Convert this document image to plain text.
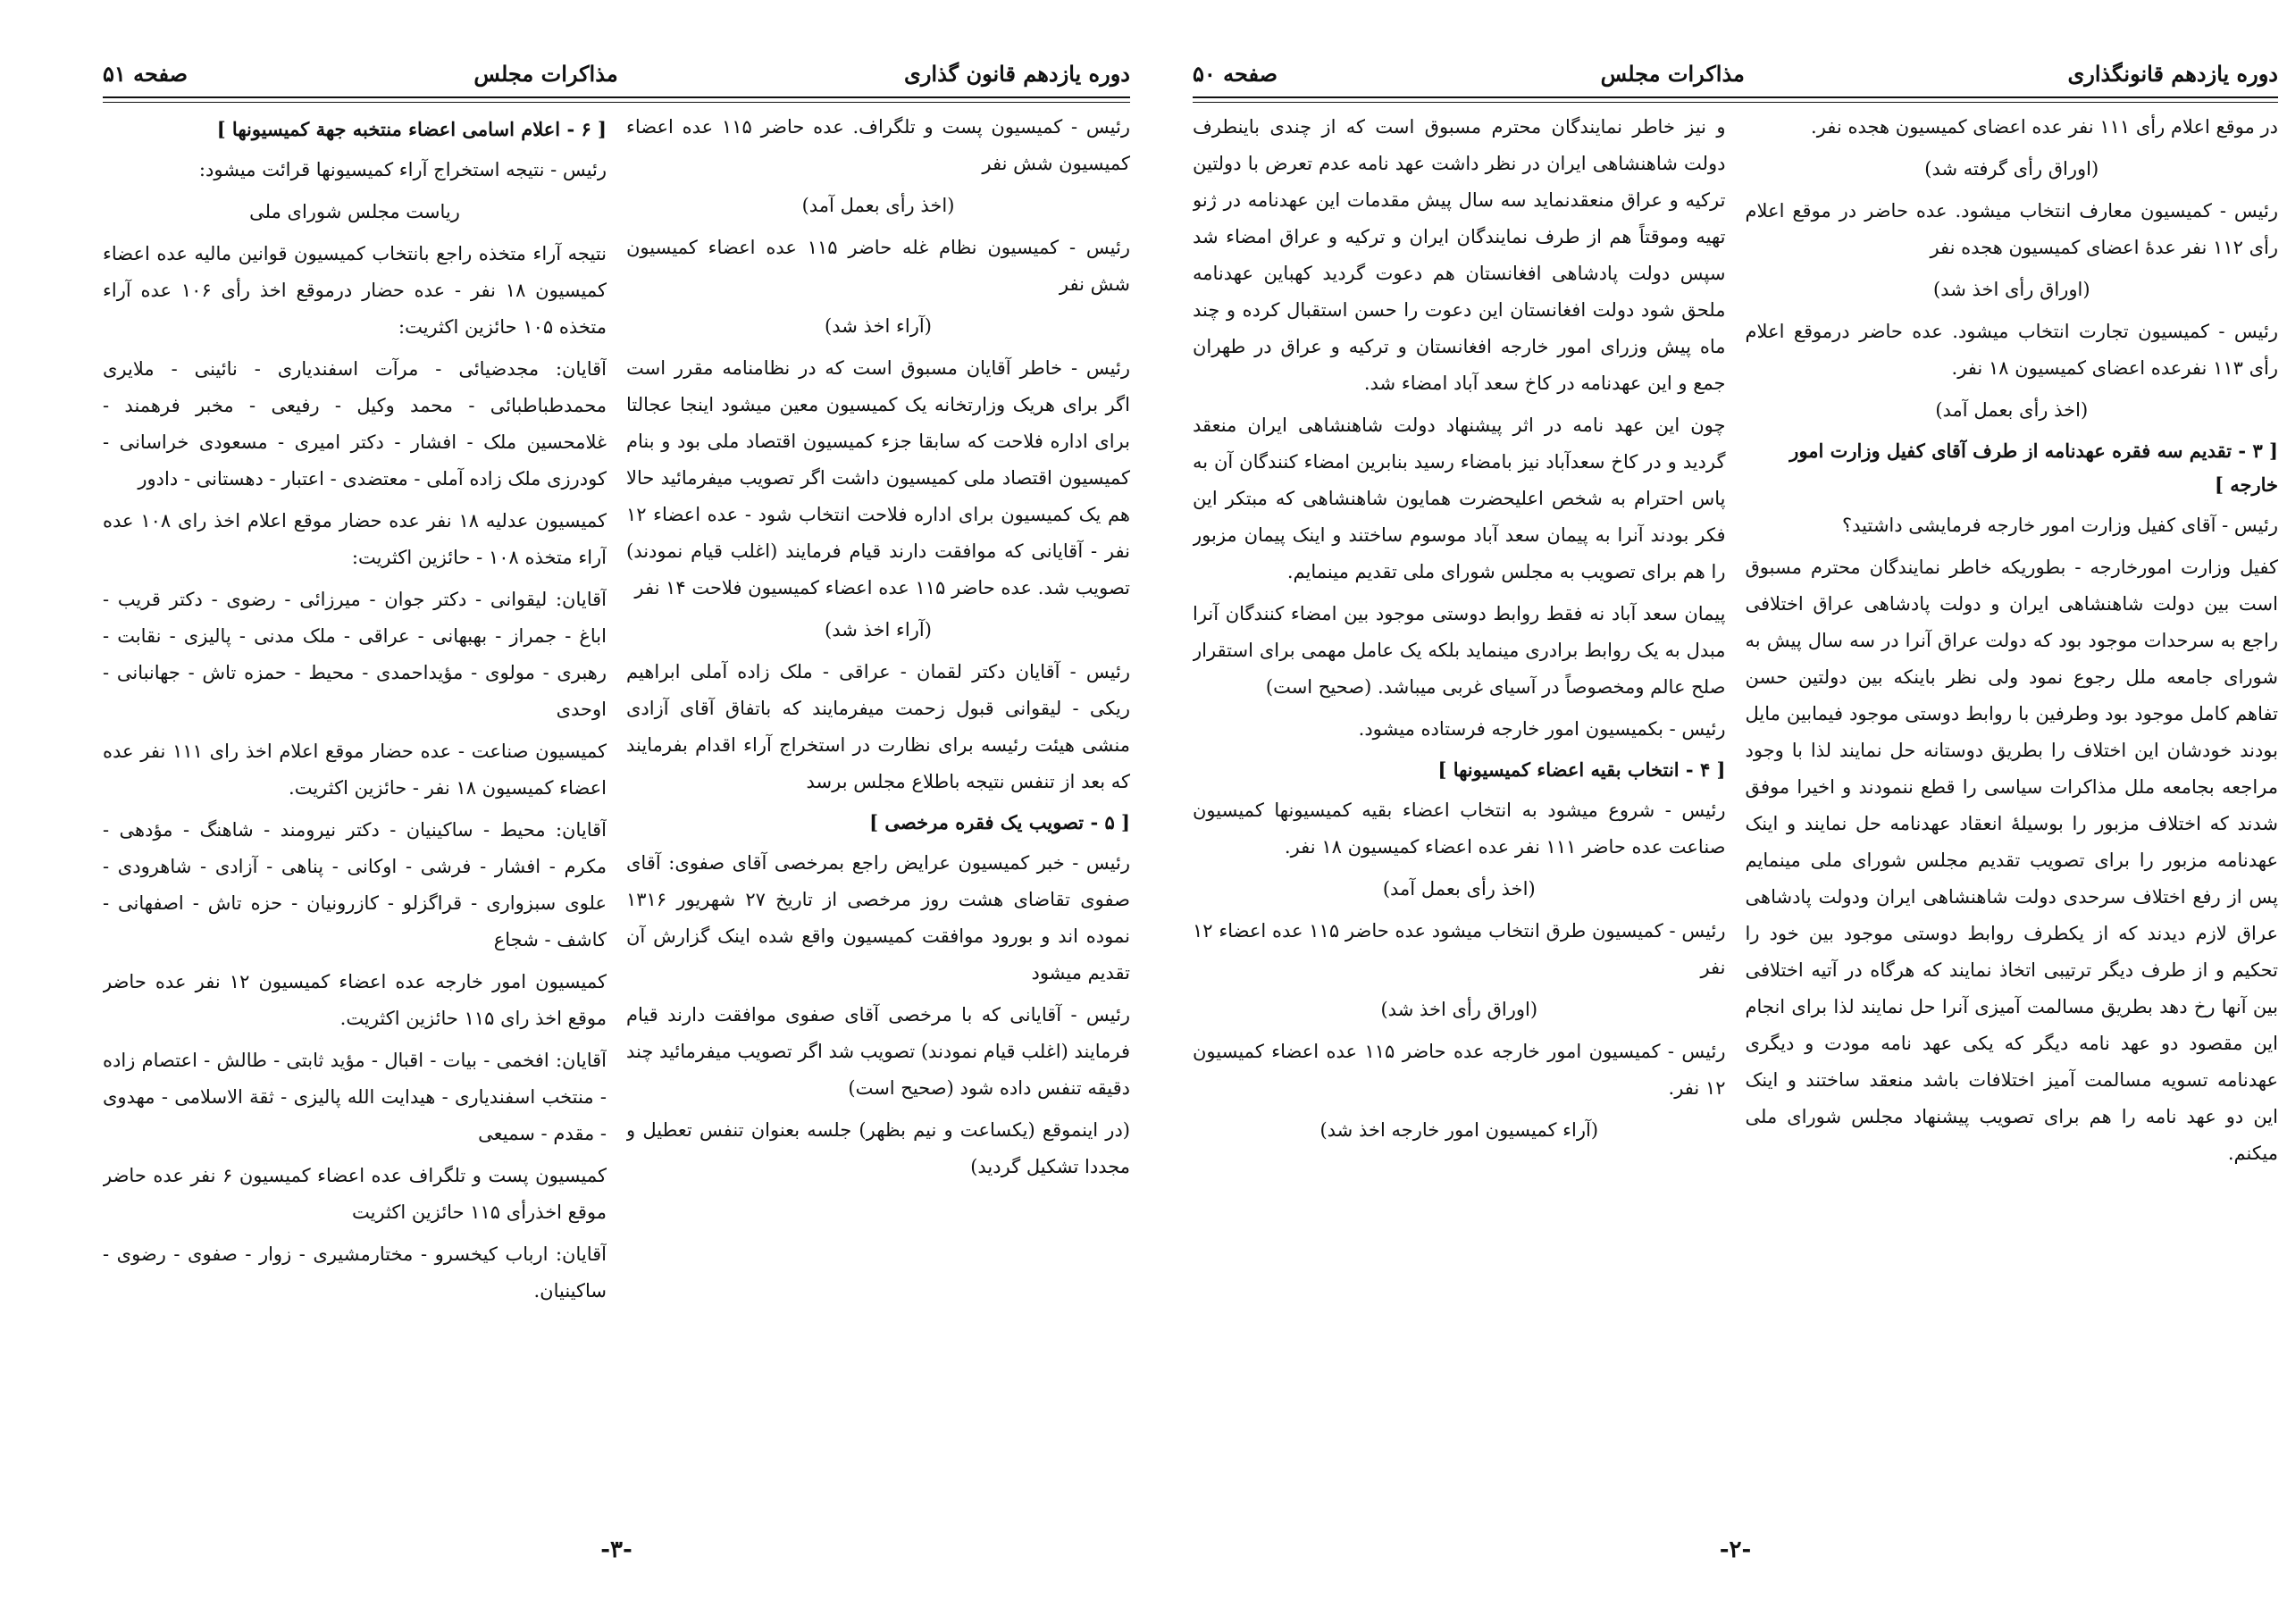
دوره یازدهم قانون گذاری
مذاکرات مجلس
صفحه ۵۱

رئیس - کمیسیون پست و تلگراف. عده حاضر ۱۱۵ عده اعضاء کمیسیون شش نفر

(اخذ رأی بعمل آمد)

رئیس - کمیسیون نظام غله حاضر ۱۱۵ عده اعضاء کمیسیون شش نفر

(آراء اخذ شد)

رئیس - خاطر آقایان مسبوق است که در نظامنامه مقرر است اگر برای هریک وزارتخانه یک کمیسیون معین میشود اینجا عجالتا برای اداره فلاحت که سابقا جزء کمیسیون اقتصاد ملی بود و بنام کمیسیون اقتصاد ملی کمیسیون داشت اگر تصویب میفرمائید حالا هم یک کمیسیون برای اداره فلاحت انتخاب شود - عده اعضاء ۱۲ نفر - آقایانی که موافقت دارند قیام فرمایند (اغلب قیام نمودند) تصویب شد. عده حاضر ۱۱۵ عده اعضاء کمیسیون فلاحت ۱۴ نفر

(آراء اخذ شد)

رئیس - آقایان دکتر لقمان - عراقی - ملک زاده آملی ابراهیم ریکی - لیقوانی قبول زحمت میفرمایند که باتفاق آقای آزادی منشی هیئت رئیسه برای نظارت در استخراج آراء اقدام بفرمایند که بعد از تنفس نتیجه باطلاع مجلس برسد

[ ۵ - تصویب یک فقره مرخصی ]

رئیس - خبر کمیسیون عرایض راجع بمرخصی آقای صفوی: آقای صفوی تقاضای هشت روز مرخصی از تاریخ ۲۷ شهریور ۱۳۱۶ نموده اند و بورود موافقت کمیسیون واقع شده اینک گزارش آن تقدیم میشود

رئیس - آقایانی که با مرخصی آقای صفوی موافقت دارند قیام فرمایند (اغلب قیام نمودند) تصویب شد اگر تصویب میفرمائید چند دقیقه تنفس داده شود (صحیح است)

(در اینموقع (یکساعت و نیم بظهر) جلسه بعنوان تنفس تعطیل و مجددا تشکیل گردید)

[ ۶ - اعلام اسامی اعضاء منتخبه جهة کمیسیونها ]

رئیس - نتیجه استخراج آراء کمیسیونها قرائت میشود:

ریاست مجلس شورای ملی

نتیجه آراء متخذه راجع بانتخاب کمیسیون قوانین مالیه عده اعضاء کمیسیون ۱۸ نفر - عده حضار درموقع اخذ رأی ۱۰۶ عده آراء متخذه ۱۰۵ حائزین اکثریت:

آقایان: مجدضیائی - مرآت اسفندیاری - نائینی - ملایری محمدطباطبائی - محمد وکیل - رفیعی - مخبر فرهمند - غلامحسین ملک - افشار - دکتر امیری - مسعودی خراسانی - کودرزی ملک زاده آملی - معتضدی - اعتبار - دهستانی - دادور

کمیسیون عدلیه ۱۸ نفر عده حضار موقع اعلام اخذ رای ۱۰۸ عده آراء متخذه ۱۰۸ - حائزین اکثریت:

آقایان: لیقوانی - دکتر جوان - میرزائی - رضوی - دکتر قریب - اباغ - جمراز - بهبهانی - عراقی - ملک مدنی - پالیزی - نقابت - رهبری - مولوی - مؤیداحمدی - محیط - حمزه تاش - جهانبانی - اوحدی

کمیسیون صناعت - عده حضار موقع اعلام اخذ رای ۱۱۱ نفر عده اعضاء کمیسیون ۱۸ نفر - حائزین اکثریت.

آقایان: محیط - ساکینیان - دکتر نیرومند - شاهنگ - مؤدهی - مکرم - افشار - فرشی - اوکانی - پناهی - آزادی - شاهرودی - علوی سبزواری - قراگزلو - کازرونیان - حزه تاش - اصفهانی - کاشف - شجاع

کمیسیون امور خارجه عده اعضاء کمیسیون ۱۲ نفر عده حاضر موقع اخذ رای ۱۱۵ حائزین اکثریت.

آقایان: افخمی - بیات - اقبال - مؤید ثابتی - طالش - اعتصام زاده - منتخب اسفندیاری - هیدایت الله پالیزی - ثقة الاسلامی - مهدوی - مقدم - سمیعی

کمیسیون پست و تلگراف عده اعضاء کمیسیون ۶ نفر عده حاضر موقع اخذرأی ۱۱۵ حائزین اکثریت

آقایان: ارباب کیخسرو - مختارمشیری - زوار - صفوی - رضوی - ساکینیان.

-۳-
دوره یازدهم قانونگذاری
مذاکرات مجلس
صفحه ۵۰

در موقع اعلام رأی ۱۱۱ نفر عده اعضای کمیسیون هجده نفر.

(اوراق رأی گرفته شد)

رئیس - کمیسیون معارف انتخاب میشود. عده حاضر در موقع اعلام رأی ۱۱۲ نفر عدۀ اعضای کمیسیون هجده نفر

(اوراق رأی اخذ شد)

رئیس - کمیسیون تجارت انتخاب میشود. عده حاضر درموقع اعلام رأی ۱۱۳ نفرعده اعضای کمیسیون ۱۸ نفر.

(اخذ رأی بعمل آمد)

[ ۳ - تقدیم سه فقره عهدنامه از طرف آقای کفیل وزارت امور خارجه ]

رئیس - آقای کفیل وزارت امور خارجه فرمایشی داشتید؟

کفیل وزارت امورخارجه - بطوریکه خاطر نمایندگان محترم مسبوق است بین دولت شاهنشاهی ایران و دولت پادشاهی عراق اختلافی راجع به سرحدات موجود بود که دولت عراق آنرا در سه سال پیش به شورای جامعه ملل رجوع نمود ولی نظر باینکه بین دولتین حسن تفاهم کامل موجود بود وطرفین با روابط دوستی موجود فیمابین مایل بودند خودشان این اختلاف را بطریق دوستانه حل نمایند لذا با وجود مراجعه بجامعه ملل مذاکرات سیاسی را قطع ننمودند و اخیرا موفق شدند که اختلاف مزبور را بوسیلهٔ انعقاد عهدنامه حل نمایند و اینک عهدنامه مزبور را برای تصویب تقدیم مجلس شورای ملی مینمایم پس از رفع اختلاف سرحدی دولت شاهنشاهی ایران ودولت پادشاهی عراق لازم دیدند که از یکطرف روابط دوستی موجود بین خود را تحکیم و از طرف دیگر ترتیبی اتخاذ نمایند که هرگاه در آتیه اختلافی بین آنها رخ دهد بطریق مسالمت آمیزی آنرا حل نمایند لذا برای انجام این مقصود دو عهد نامه دیگر که یکی عهد نامه مودت و دیگری عهدنامه تسویه مسالمت آمیز اختلافات باشد منعقد ساختند و اینک این دو عهد نامه را هم برای تصویب پیشنهاد مجلس شورای ملی میکنم.

و نیز خاطر نمایندگان محترم مسبوق است که از چندی باینطرف دولت شاهنشاهی ایران در نظر داشت عهد نامه عدم تعرض با دولتین ترکیه و عراق منعقدنماید سه سال پیش مقدمات این عهدنامه در ژنو تهیه وموقتاً هم از طرف نمایندگان ایران و ترکیه و عراق امضاء شد سپس دولت پادشاهی افغانستان هم دعوت گردید کهباین عهدنامه ملحق شود دولت افغانستان این دعوت را حسن استقبال کرده و چند ماه پیش وزرای امور خارجه افغانستان و ترکیه و عراق در طهران جمع و این عهدنامه در کاخ سعد آباد امضاء شد.

چون این عهد نامه در اثر پیشنهاد دولت شاهنشاهی ایران منعقد گردید و در کاخ سعدآباد نیز بامضاء رسید بنابرین امضاء کنندگان آن به پاس احترام به شخص اعلیحضرت همایون شاهنشاهی که مبتکر این فکر بودند آنرا به پیمان سعد آباد موسوم ساختند و اینک پیمان مزبور را هم برای تصویب به مجلس شورای ملی تقدیم مینمایم.

پیمان سعد آباد نه فقط روابط دوستی موجود بین امضاء کنندگان آنرا مبدل به یک روابط برادری مینماید بلکه یک عامل مهمی برای استقرار صلح عالم ومخصوصاً در آسیای غربی میباشد. (صحیح است)

رئیس - بکمیسیون امور خارجه فرستاده میشود.

[ ۴ - انتخاب بقیه اعضاء کمیسیونها ]

رئیس - شروع میشود به انتخاب اعضاء بقیه کمیسیونها کمیسیون صناعت عده حاضر ۱۱۱ نفر عده اعضاء کمیسیون ۱۸ نفر.

(اخذ رأی بعمل آمد)

رئیس - کمیسیون طرق انتخاب میشود عده حاضر ۱۱۵ عده اعضاء ۱۲ نفر

(اوراق رأی اخذ شد)

رئیس - کمیسیون امور خارجه عده حاضر ۱۱۵ عده اعضاء کمیسیون ۱۲ نفر.

(آراء کمیسیون امور خارجه اخذ شد)

-۲-
